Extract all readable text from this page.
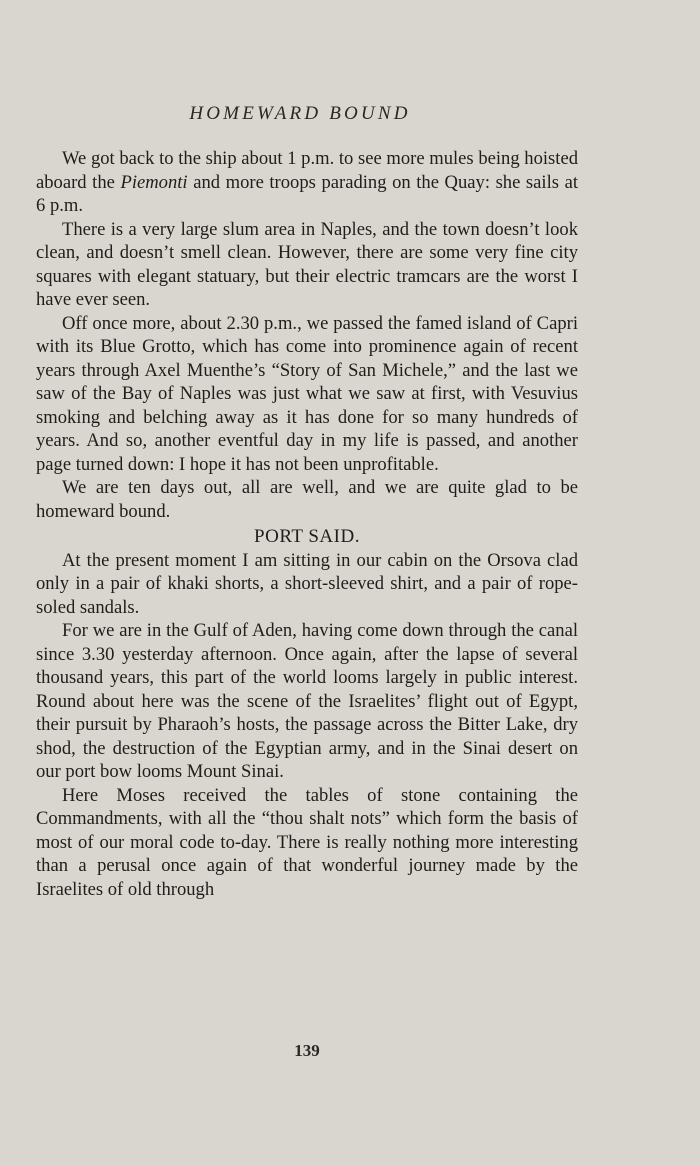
HOMEWARD BOUND

We got back to the ship about 1 p.m. to see more mules being hoisted aboard the Piemonti and more troops parading on the Quay: she sails at 6 p.m.

There is a very large slum area in Naples, and the town doesn’t look clean, and doesn’t smell clean. However, there are some very fine city squares with elegant statuary, but their electric tramcars are the worst I have ever seen.

Off once more, about 2.30 p.m., we passed the famed island of Capri with its Blue Grotto, which has come into prominence again of recent years through Axel Muenthe’s “Story of San Michele,” and the last we saw of the Bay of Naples was just what we saw at first, with Vesuvius smoking and belching away as it has done for so many hundreds of years. And so, another eventful day in my life is passed, and another page turned down: I hope it has not been unprofitable.

We are ten days out, all are well, and we are quite glad to be homeward bound.

PORT SAID.

At the present moment I am sitting in our cabin on the Orsova clad only in a pair of khaki shorts, a short-sleeved shirt, and a pair of rope-soled sandals.

For we are in the Gulf of Aden, having come down through the canal since 3.30 yesterday afternoon. Once again, after the lapse of several thousand years, this part of the world looms largely in public interest. Round about here was the scene of the Israelites’ flight out of Egypt, their pursuit by Pharaoh’s hosts, the passage across the Bitter Lake, dry shod, the destruction of the Egyptian army, and in the Sinai desert on our port bow looms Mount Sinai.

Here Moses received the tables of stone containing the Commandments, with all the “thou shalt nots” which form the basis of most of our moral code to-day. There is really nothing more interesting than a perusal once again of that wonderful journey made by the Israelites of old through

139
